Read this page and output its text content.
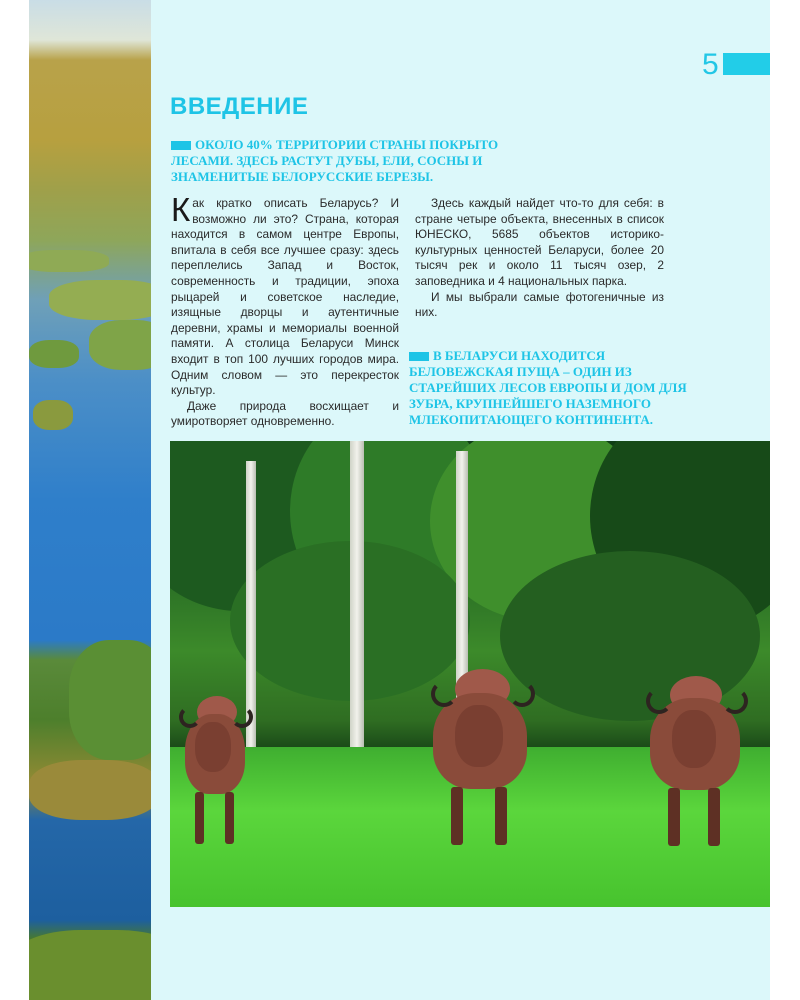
5
ВВЕДЕНИЕ

ОКОЛО 40% ТЕРРИТОРИИ СТРАНЫ ПОКРЫТО ЛЕСАМИ. ЗДЕСЬ РАСТУТ ДУБЫ, ЕЛИ, СОСНЫ И ЗНАМЕНИТЫЕ БЕЛОРУССКИЕ БЕРЕЗЫ.

Как кратко описать Беларусь? И возможно ли это? Страна, которая находится в самом центре Европы, впитала в себя все лучшее сразу: здесь переплелись Запад и Восток, современность и традиции, эпоха рыцарей и советское наследие, изящные дворцы и аутентичные деревни, храмы и мемориалы военной памяти. А столица Беларуси Минск входит в топ 100 лучших городов мира. Одним словом — это перекресток культур.

Даже природа восхищает и умиротворяет одновременно.

Здесь каждый найдет что-то для себя: в стране четыре объекта, внесенных в список ЮНЕСКО, 5685 объектов историко-культурных ценностей Беларуси, более 20 тысяч рек и около 11 тысяч озер, 2 заповедника и 4 национальных парка.

И мы выбрали самые фотогеничные из них.

В БЕЛАРУСИ НАХОДИТСЯ БЕЛОВЕЖСКАЯ ПУЩА – ОДИН ИЗ СТАРЕЙШИХ ЛЕСОВ ЕВРОПЫ И ДОМ ДЛЯ ЗУБРА, КРУПНЕЙШЕГО НАЗЕМНОГО МЛЕКОПИТАЮЩЕГО КОНТИНЕНТА.
